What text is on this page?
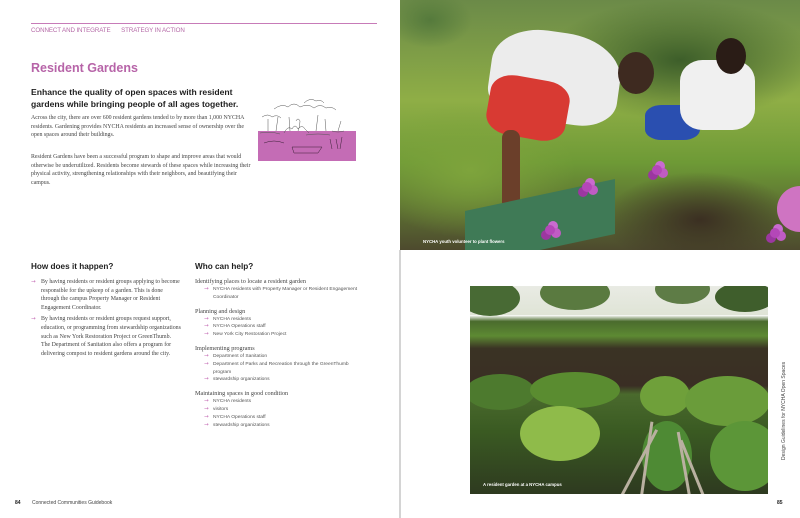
CONNECT AND INTEGRATE STRATEGY IN ACTION
Resident Gardens

Enhance the quality of open spaces with resident gardens while bringing people of all ages together.

Across the city, there are over 600 resident gardens tended to by more than 1,000 NYCHA residents. Gardening provides NYCHA residents an increased sense of ownership over the open spaces around their buildings.

Resident Gardens have been a successful program to shape and improve areas that would otherwise be underutilized. Residents become stewards of these spaces while increasing their physical activity, strengthening relationships with their neighbors, and beautifying their campus.

How does it happen?
→ By having residents or resident groups applying to become responsible for the upkeep of a garden. This is done through the campus Property Manager or Resident Engagement Coordinator.
→ By having residents or resident groups request support, education, or programming from stewardship organizations such as New York Restoration Project or GreenThumb. The Department of Sanitation also offers a program for delivering compost to resident gardens around the city.
Who can help?
Identifying places to locate a resident garden
→ NYCHA residents with Property Manager or Resident Engagement Coordinator
Planning and design
→ NYCHA residents
→ NYCHA Operations staff
→ New York City Restoration Project
Implementing programs
→ Department of Sanitation
→ Department of Parks and Recreation through the GreenThumb program
→ stewardship organizations
Maintaining spaces in good condition
→ NYCHA residents
→ visitors
→ NYCHA Operations staff
→ stewardship organizations
84 Connected Communities Guidebook
NYCHA youth volunteer to plant flowers
A resident garden at a NYCHA campus
Design Guidelines for NYCHA Open Spaces
85
